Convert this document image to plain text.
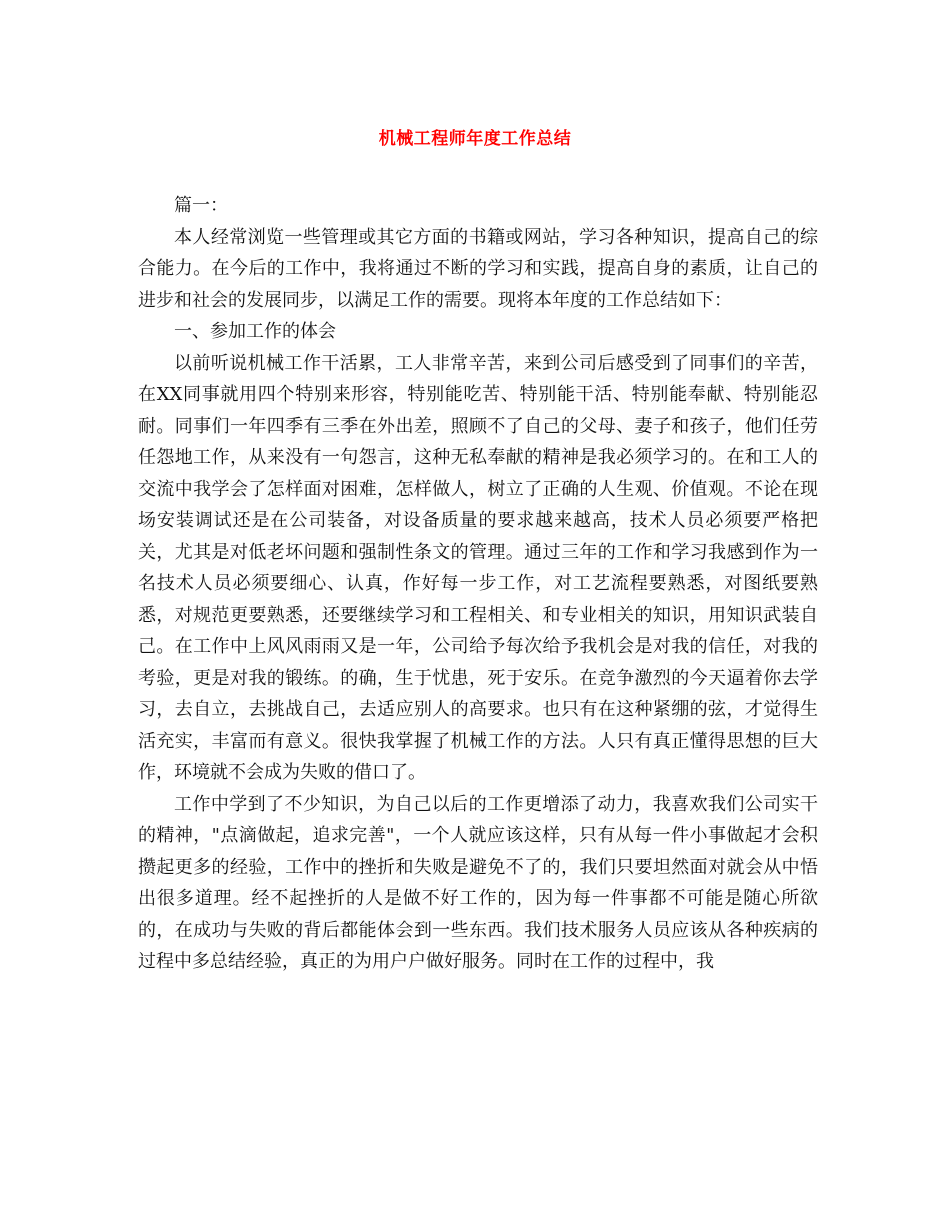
机械工程师年度工作总结

篇一：

本人经常浏览一些管理或其它方面的书籍或网站，学习各种知识，提高自己的综合能力。在今后的工作中，我将通过不断的学习和实践，提高自身的素质，让自己的进步和社会的发展同步，以满足工作的需要。现将本年度的工作总结如下：

一、参加工作的体会

以前听说机械工作干活累，工人非常辛苦，来到公司后感受到了同事们的辛苦，在XX同事就用四个特别来形容，特别能吃苦、特别能干活、特别能奉献、特别能忍耐。同事们一年四季有三季在外出差，照顾不了自己的父母、妻子和孩子，他们任劳任怨地工作，从来没有一句怨言，这种无私奉献的精神是我必须学习的。在和工人的交流中我学会了怎样面对困难，怎样做人，树立了正确的人生观、价值观。不论在现场安装调试还是在公司装备，对设备质量的要求越来越高，技术人员必须要严格把关，尤其是对低老坏问题和强制性条文的管理。通过三年的工作和学习我感到作为一名技术人员必须要细心、认真，作好每一步工作，对工艺流程要熟悉，对图纸要熟悉，对规范更要熟悉，还要继续学习和工程相关、和专业相关的知识，用知识武装自己。在工作中上风风雨雨又是一年，公司给予每次给予我机会是对我的信任，对我的考验，更是对我的锻练。的确，生于忧患，死于安乐。在竞争激烈的今天逼着你去学习，去自立，去挑战自己，去适应别人的高要求。也只有在这种紧绷的弦，才觉得生活充实，丰富而有意义。很快我掌握了机械工作的方法。人只有真正懂得思想的巨大作，环境就不会成为失败的借口了。

工作中学到了不少知识，为自己以后的工作更增添了动力，我喜欢我们公司实干的精神，"点滴做起，追求完善"，一个人就应该这样，只有从每一件小事做起才会积攒起更多的经验，工作中的挫折和失败是避免不了的，我们只要坦然面对就会从中悟出很多道理。经不起挫折的人是做不好工作的，因为每一件事都不可能是随心所欲的，在成功与失败的背后都能体会到一些东西。我们技术服务人员应该从各种疾病的过程中多总结经验，真正的为用户户做好服务。同时在工作的过程中，我
